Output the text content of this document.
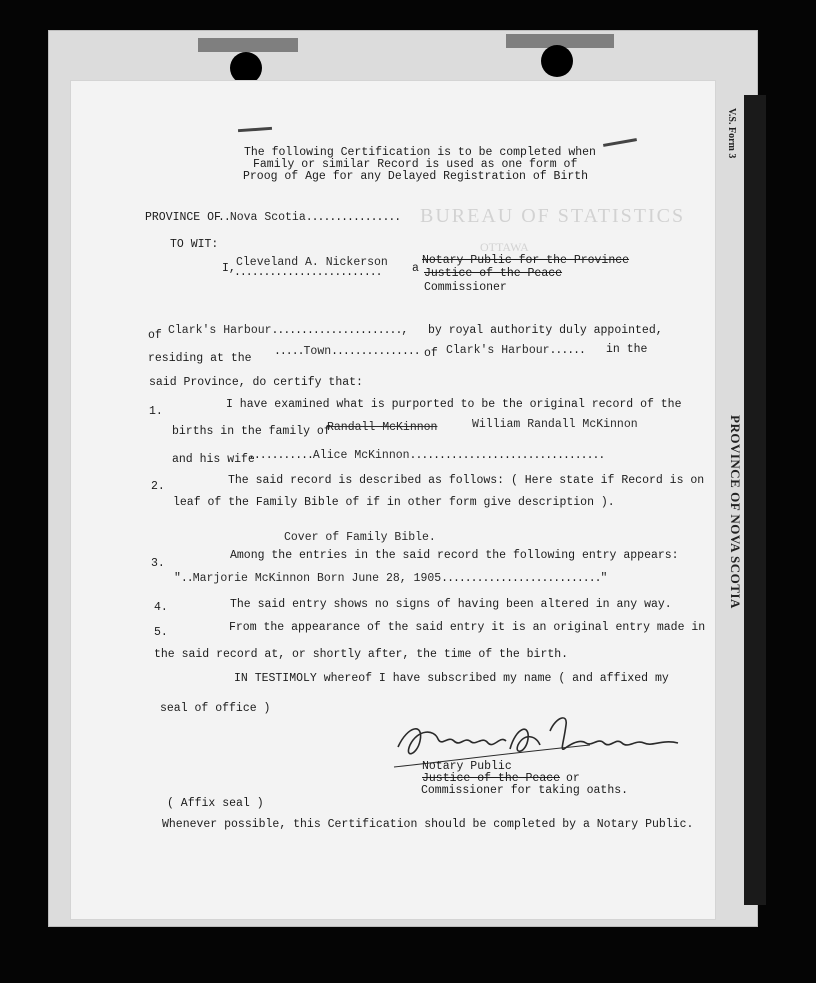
V.S. Form 3
PROVINCE OF NOVA SCOTIA
BUREAU OF STATISTICS
OTTAWA
The following Certification is to be completed when
Family or similar Record is used as one form of
Proog of Age for any Delayed Registration of Birth
PROVINCE OF
..Nova Scotia................
TO WIT:
I, Cleveland A. Nickerson
.........................	a
Notary Public for the Province
Justice of the Peace
Commissioner
of Clark's Harbour......................, by royal authority duly appointed,
residing at the
.....Town............... of Clark's Harbour...... in the
said Province, do certify that:
1.
I have examined what is purported to be the original record of the
births in the family of
Randall McKinnon	William Randall McKinnon
and his wife
...........Alice McKinnon.................................
2.	The said record is described as follows: ( Here state if Record is on
leaf of the Family Bible of if in other form give description ).
Cover of Family Bible.
3.
Among the entries in the said record the following entry appears:
"..Marjorie McKinnon Born June 28, 1905..........................."
4.	The said entry shows no signs of having been altered in any way.
5.	From the appearance of the said entry it is an original entry made in
the said record at, or shortly after, the time of the birth.
IN TESTIMOLY whereof I have subscribed my name ( and affixed my
seal of office )
Notary Public
Justice of the Peace or
Commissioner for taking oaths.
( Affix seal )
Whenever possible, this Certification should be completed by a Notary Public.
